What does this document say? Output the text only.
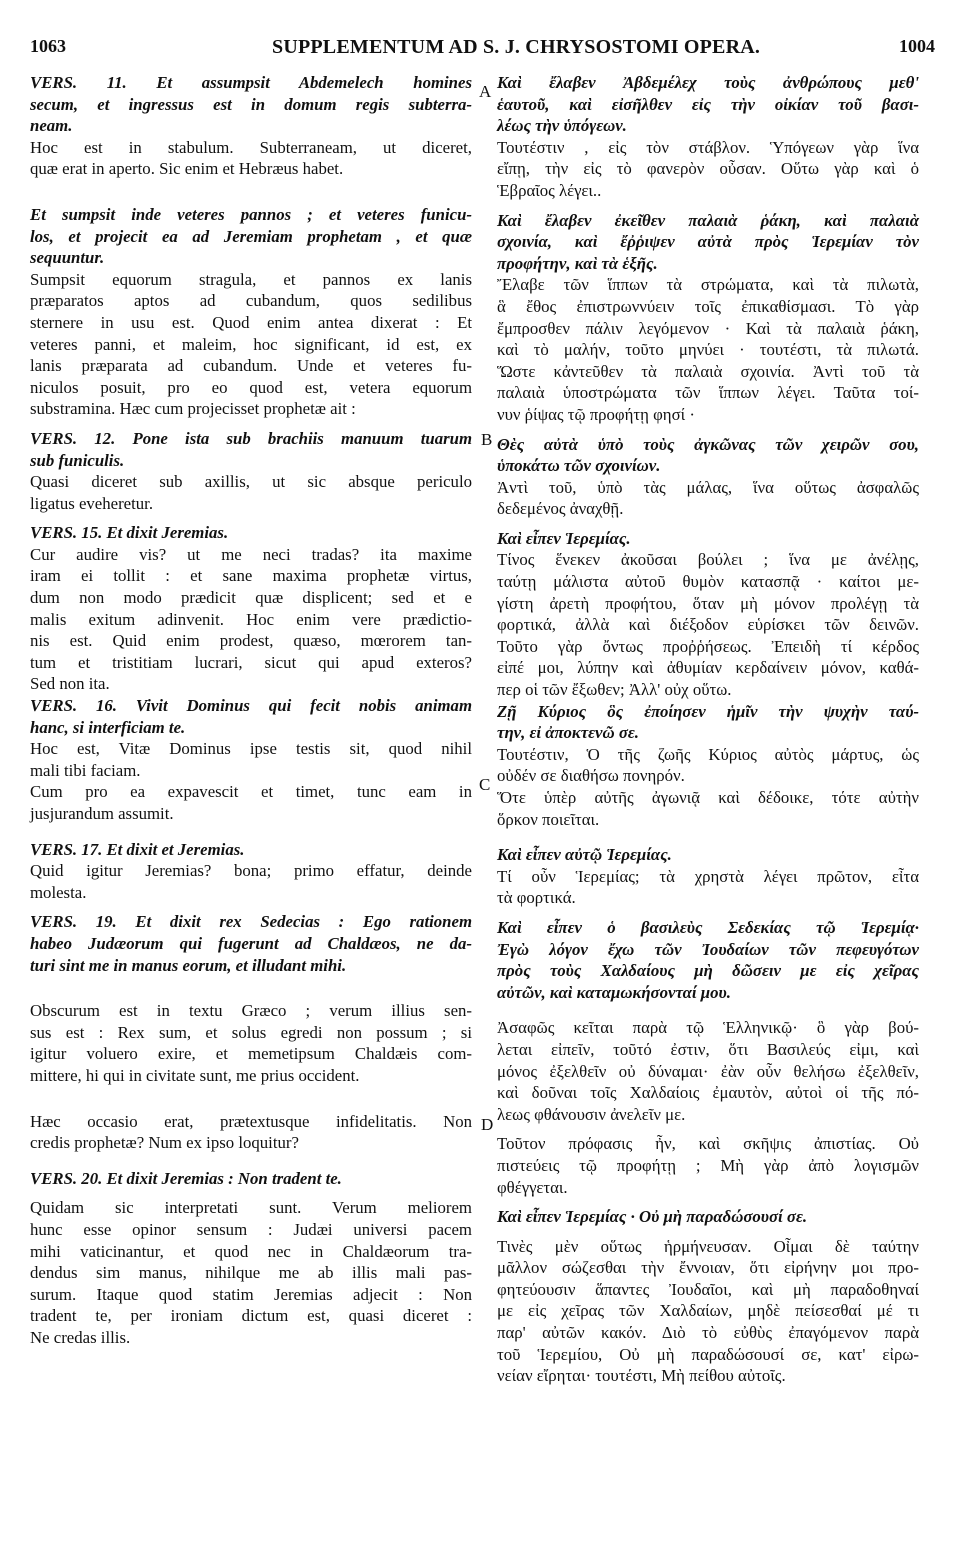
1063	SUPPLEMENTUM AD S. J. CHRYSOSTOMI OPERA.	1004
VERS. 11. Et assumpsit Abdemelech homines
secum, et ingressus est in domum regis subterra-
neam.
Hoc est in stabulum. Subterraneam, ut diceret,
quæ erat in aperto. Sic enim et Hebræus habet.
Et sumpsit inde veteres pannos ; et veteres funicu-
los, et projecit ea ad Jeremiam prophetam , et quæ
sequuntur.
Sumpsit equorum stragula, et pannos ex lanis
præparatos aptos ad cubandum, quos sedilibus
sternere in usu est. Quod enim antea dixerat : Et
veteres panni, et maleim, hoc significant, id est, ex
lanis præparata ad cubandum. Unde et veteres fu-
niculos posuit, pro eo quod est, vetera equorum
substramina. Hæc cum projecisset prophetæ ait :
VERS. 12. Pone ista sub brachiis manuum tuarum
sub funiculis.
Quasi diceret sub axillis, ut sic absque periculo
ligatus eveheretur.
VERS. 15. Et dixit Jeremias.
Cur audire vis? ut me neci tradas? ita maxime
iram ei tollit : et sane maxima prophetæ virtus,
dum non modo prædicit quæ displicent; sed et e
malis exitum adinvenit. Hoc enim vere prædictio-
nis est. Quid enim prodest, quæso, mœrorem tan-
tum et tristitiam lucrari, sicut qui apud exteros?
Sed non ita.
VERS. 16. Vivit Dominus qui fecit nobis animam
hanc, si interficiam te.
Hoc est, Vitæ Dominus ipse testis sit, quod nihil
mali tibi faciam.
Cum pro ea expavescit et timet, tunc eam in
jusjurandum assumit.
VERS. 17. Et dixit et Jeremias.
Quid igitur Jeremias? bona; primo effatur, deinde
molesta.
VERS. 19. Et dixit rex Sedecias : Ego rationem
habeo Judæorum qui fugerunt ad Chaldæos, ne da-
turi sint me in manus eorum, et illudant mihi.
Obscurum est in textu Græco ; verum illius sen-
sus est : Rex sum, et solus egredi non possum ; si
igitur voluero exire, et memetipsum Chaldæis com-
mittere, hi qui in civitate sunt, me prius occident.
Hæc occasio erat, prætextusque infidelitatis. Non
credis prophetæ? Num ex ipso loquitur?
VERS. 20. Et dixit Jeremias : Non tradent te.
Quidam sic interpretati sunt. Verum meliorem
hunc esse opinor sensum : Judæi universi pacem
mihi vaticinantur, et quod nec in Chaldæorum tra-
dendus sim manus, nihilque me ab illis mali pas-
surum. Itaque quod statim Jeremias adjecit : Non
tradent te, per ironiam dictum est, quasi diceret :
Ne credas illis.
Καὶ ἔλαβεν Ἀβδεμέλεχ τοὺς ἀνθρώπους μεθ'
ἑαυτοῦ, καὶ εἰσῆλθεν εἰς τὴν οἰκίαν τοῦ βασι-
λέως τὴν ὑπόγεων.
Τουτέστιν , εἰς τὸν στάβλον. Ὑπόγεων γὰρ ἵνα
εἴπῃ, τὴν εἰς τὸ φανερὸν οὖσαν. Οὕτω γὰρ καὶ ὁ
Ἑβραῖος λέγει..
Καὶ ἔλαβεν ἐκεῖθεν παλαιὰ ῥάκη, καὶ παλαιὰ
σχοινία, καὶ ἔῤῥιψεν αὐτὰ πρὸς Ἱερεμίαν τὸν
προφήτην, καὶ τὰ ἑξῆς.
Ἔλαβε τῶν ἵππων τὰ στρώματα, καὶ τὰ πιλωτὰ,
ἃ ἔθος ἐπιστρωννύειν τοῖς ἐπικαθίσμασι. Τὸ γὰρ
ἔμπροσθεν πάλιν λεγόμενον · Καὶ τὰ παλαιὰ ῥάκη,
καὶ τὸ μαλήν, τοῦτο μηνύει · τουτέστι, τὰ πιλωτά.
Ὥστε κἀντεῦθεν τὰ παλαιὰ σχοινία. Ἀντὶ τοῦ τὰ
παλαιὰ ὑποστρώματα τῶν ἵππων λέγει. Ταῦτα τοί-
νυν ῥίψας τῷ προφήτῃ φησί ·
Θὲς αὐτὰ ὑπὸ τοὺς ἀγκῶνας τῶν χειρῶν σου,
ὑποκάτω τῶν σχοινίων.
Ἀντὶ τοῦ, ὑπὸ τὰς μάλας, ἵνα οὕτως ἀσφαλῶς
δεδεμένος ἀναχθῇ.
Καὶ εἶπεν Ἱερεμίας.
Τίνος ἕνεκεν ἀκοῦσαι βούλει ; ἵνα με ἀνέλῃς,
ταύτῃ μάλιστα αὐτοῦ θυμὸν κατασπᾷ · καίτοι με-
γίστη ἀρετὴ προφήτου, ὅταν μὴ μόνον προλέγῃ τὰ
φορτικά, ἀλλὰ καὶ διέξοδον εὑρίσκει τῶν δεινῶν.
Τοῦτο γὰρ ὄντως προῤῥήσεως. Ἐπειδὴ τί κέρδος
εἰπέ μοι, λύπην καὶ ἀθυμίαν κερδαίνειν μόνον, καθά-
περ οἱ τῶν ἔξωθεν; Ἀλλ' οὐχ οὕτω.
Ζῇ Κύριος ὃς ἐποίησεν ἡμῖν τὴν ψυχὴν ταύ-
την, εἰ ἀποκτενῶ σε.
Τουτέστιν, Ὁ τῆς ζωῆς Κύριος αὐτὸς μάρτυς, ὡς
οὐδέν σε διαθήσω πονηρόν.
Ὅτε ὑπὲρ αὐτῆς ἀγωνιᾷ καὶ δέδοικε, τότε αὐτὴν
ὅρκον ποιεῖται.
Καὶ εἶπεν αὐτῷ Ἱερεμίας.
Τί οὖν Ἱερεμίας; τὰ χρηστὰ λέγει πρῶτον, εἶτα
τὰ φορτικά.
Καὶ εἶπεν ὁ βασιλεὺς Σεδεκίας τῷ Ἱερεμίᾳ·
Ἐγὼ λόγον ἔχω τῶν Ἰουδαίων τῶν πεφευγότων
πρὸς τοὺς Χαλδαίους μὴ δῶσειν με εἰς χεῖρας
αὐτῶν, καὶ καταμωκήσονταί μου.
Ἀσαφῶς κεῖται παρὰ τῷ Ἑλληνικῷ· ὃ γὰρ βού-
λεται εἰπεῖν, τοῦτό ἐστιν, ὅτι Βασιλεύς εἰμι, καὶ
μόνος ἐξελθεῖν οὐ δύναμαι· ἐὰν οὖν θελήσω ἐξελθεῖν,
καὶ δοῦναι τοῖς Χαλδαίοις ἐμαυτὸν, αὐτοὶ οἱ τῆς πό-
λεως φθάνουσιν ἀνελεῖν με.
Τοῦτον πρόφασις ἦν, καὶ σκῆψις ἀπιστίας. Οὐ
πιστεύεις τῷ προφήτῃ ; Μὴ γὰρ ἀπὸ λογισμῶν
φθέγγεται.
Καὶ εἶπεν Ἱερεμίας · Οὐ μὴ παραδώσουσί σε.
Τινὲς μὲν οὕτως ἡρμήνευσαν. Οἶμαι δὲ ταύτην
μᾶλλον σώζεσθαι τὴν ἔννοιαν, ὅτι εἰρήνην μοι προ-
φητεύουσιν ἅπαντες Ἰουδαῖοι, καὶ μὴ παραδοθηναί
με εἰς χεῖρας τῶν Χαλδαίων, μηδὲ πείσεσθαί μέ τι
παρ' αὐτῶν κακόν. Διὸ τὸ εὐθὺς ἐπαγόμενον παρὰ
τοῦ Ἱερεμίου, Οὐ μὴ παραδώσουσί σε, κατ' εἰρω-
νείαν εἴρηται· τουτέστι, Μὴ πείθου αὐτοῖς.
A
B
C
D
